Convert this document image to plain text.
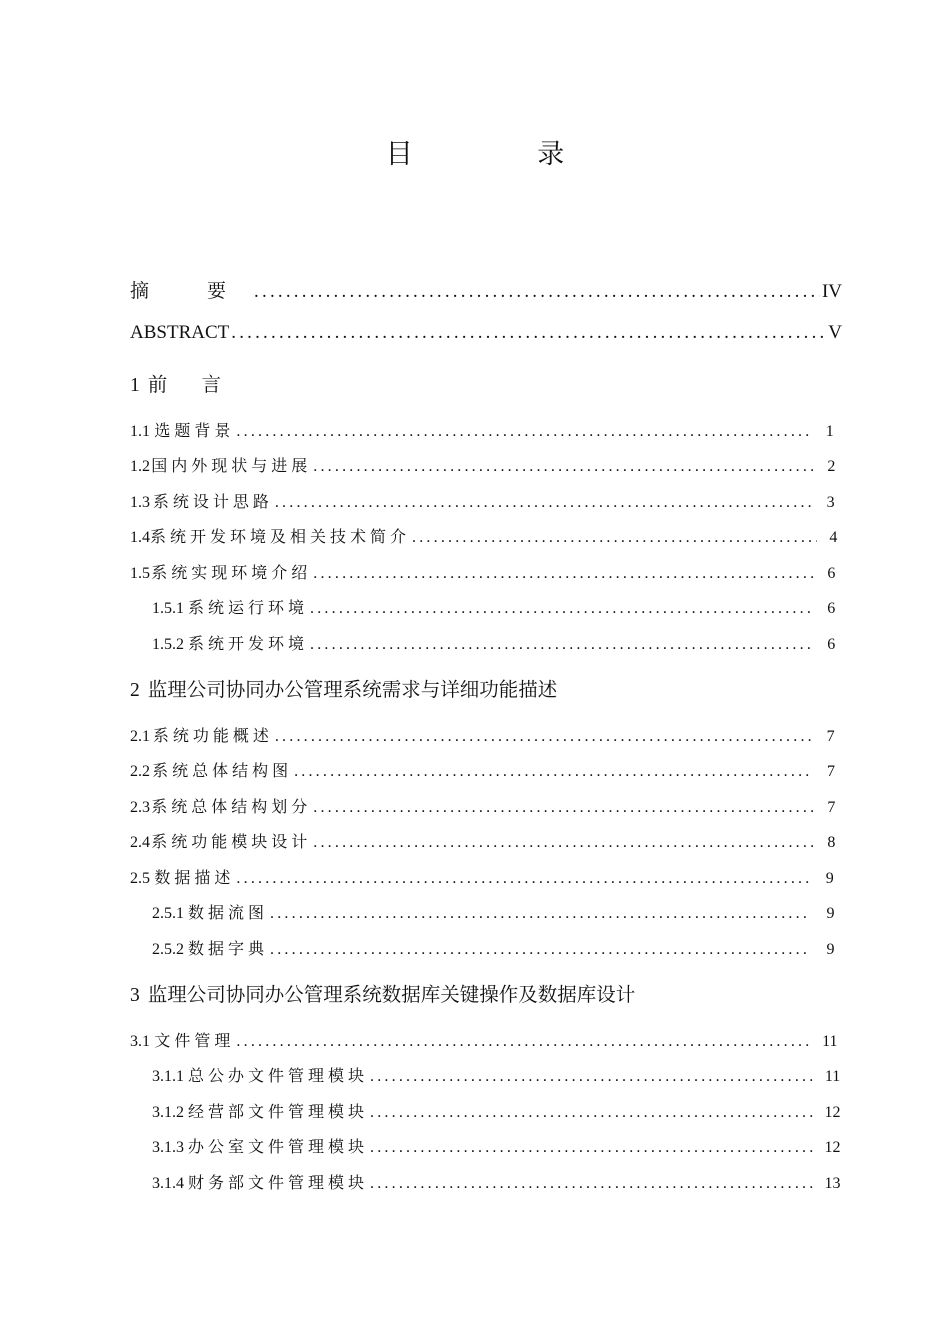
目 录
摘 要 .....	IV
ABSTRACT .....	V
1 前 言
1.1 选题背景 .....	1
1.2 国内外现状与进展 .....	2
1.3 系统设计思路 .....	3
1.4 系统开发环境及相关技术简介 .....	4
1.5 系统实现环境介绍 .....	6
1.5.1 系统运行环境 .....	6
1.5.2 系统开发环境 .....	6
2 监理公司协同办公管理系统需求与详细功能描述
2.1 系统功能概述 .....	7
2.2 系统总体结构图 .....	7
2.3 系统总体结构划分 .....	7
2.4 系统功能模块设计 .....	8
2.5 数据描述 .....	9
2.5.1 数据流图 .....	9
2.5.2 数据字典 .....	9
3 监理公司协同办公管理系统数据库关键操作及数据库设计
3.1 文件管理 .....	11
3.1.1 总公办文件管理模块 .....	11
3.1.2 经营部文件管理模块 .....	12
3.1.3 办公室文件管理模块 .....	12
3.1.4 财务部文件管理模块 .....	13
